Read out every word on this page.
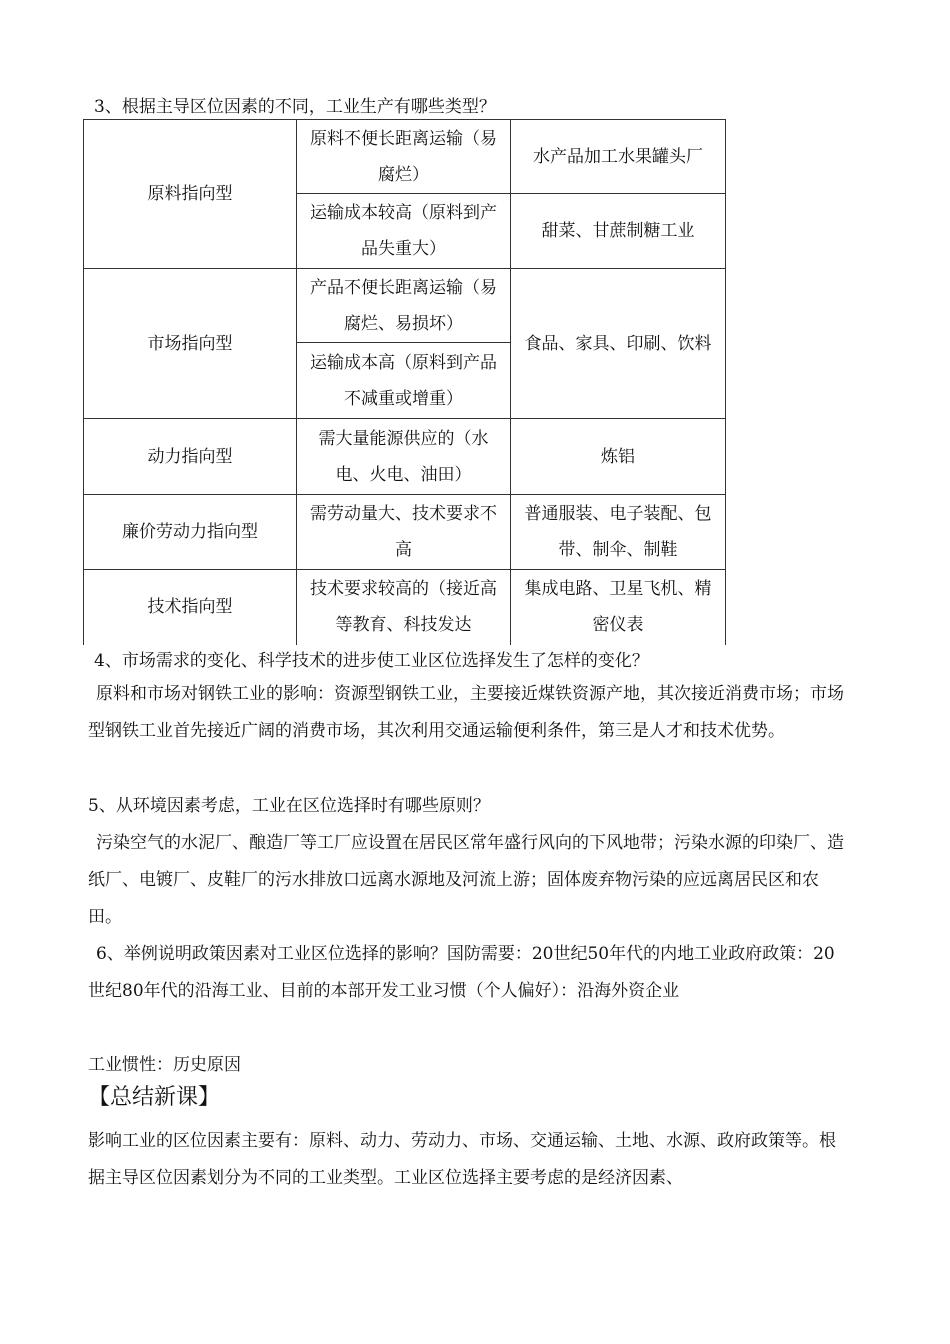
3、根据主导区位因素的不同，工业生产有哪些类型？
原料指向型	原料不便长距离运输（易腐烂）	水产品加工水果罐头厂
	运输成本较高（原料到产品失重大）	甜菜、甘蔗制糖工业
市场指向型	产品不便长距离运输（易腐烂、易损坏）	食品、家具、印刷、饮料
	运输成本高（原料到产品不减重或增重）	
动力指向型	需大量能源供应的（水电、火电、油田）	炼铝
廉价劳动力指向型	需劳动量大、技术要求不高	普通服装、电子装配、包带、制伞、制鞋
技术指向型	技术要求较高的（接近高等教育、科技发达	集成电路、卫星飞机、精密仪表
4、市场需求的变化、科学技术的进步使工业区位选择发生了怎样的变化？
原料和市场对钢铁工业的影响：资源型钢铁工业，主要接近煤铁资源产地，其次接近消费市场；市场型钢铁工业首先接近广阔的消费市场，其次利用交通运输便利条件，第三是人才和技术优势。
5、从环境因素考虑，工业在区位选择时有哪些原则？
污染空气的水泥厂、酿造厂等工厂应设置在居民区常年盛行风向的下风地带；污染水源的印染厂、造纸厂、电镀厂、皮鞋厂的污水排放口远离水源地及河流上游；固体废弃物污染的应远离居民区和农田。
6、举例说明政策因素对工业区位选择的影响？国防需要：20世纪50年代的内地工业政府政策：20世纪80年代的沿海工业、目前的本部开发工业习惯（个人偏好）：沿海外资企业
工业惯性：历史原因
【总结新课】
影响工业的区位因素主要有：原料、动力、劳动力、市场、交通运输、土地、水源、政府政策等。根据主导区位因素划分为不同的工业类型。工业区位选择主要考虑的是经济因素、
